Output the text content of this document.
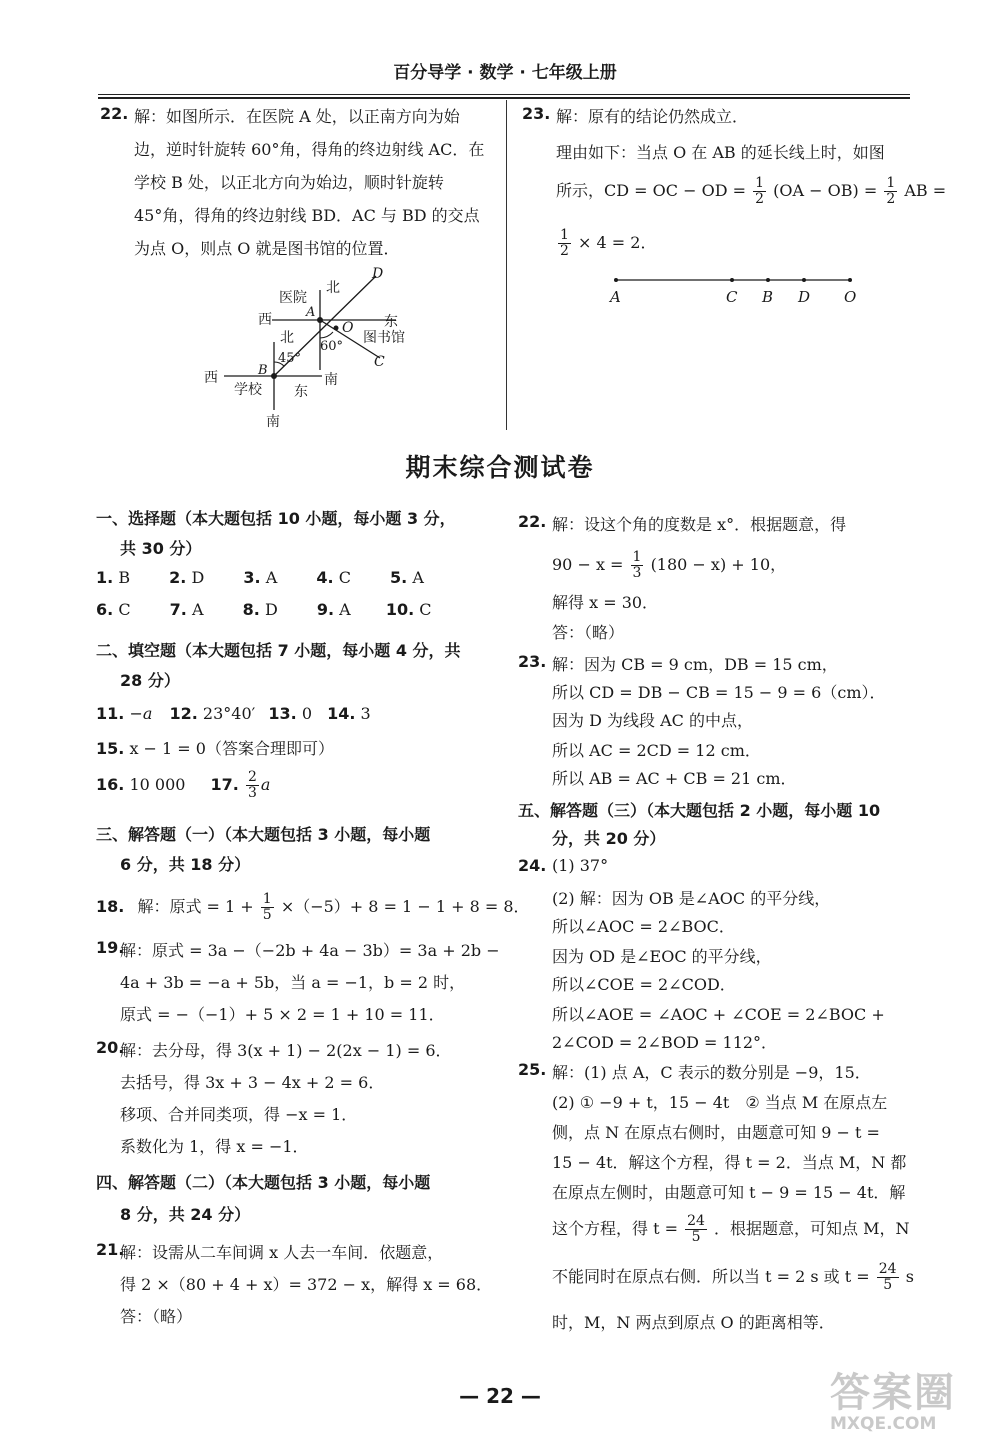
百分导学 · 数学 · 七年级上册
22. 解：如图所示．在医院 A 处，以正南方向为始
边，逆时针旋转 60°角，得角的终边射线 AC．在
学校 B 处，以正北方向为始边，顺时针旋转
45°角，得角的终边射线 BD．AC 与 BD 的交点
为点 O，则点 O 就是图书馆的位置．
医院
北
D
西	A
东
O
图书馆
北
60°
C
45°
B
南
西
学校 东
南
23. 解：原有的结论仍然成立．
理由如下：当点 O 在 AB 的延长线上时，如图
所示，CD = OC − OD = $\frac{1}{2} (OA - OB) = \frac{1}{2}$ AB =
$\frac{1}{2} \times 4 = 2$．
A	C B D O
期末综合测试卷
一、选择题（本大题包括 10 小题，每小题 3 分，
共 30 分）
1. B 2. D 3. A 4. C 5. A
6. C 7. A 8. D 9. A 10. C
二、填空题（本大题包括 7 小题，每小题 4 分，共
28 分）
11. −a 12. 23°40′ 13. 0 14. 3
15. x − 1 = 0（答案合理即可）
16. 10 000 17. $\frac{2}{3}$ a
三、解答题（一）（本大题包括 3 小题，每小题
6 分，共 18 分）
18. 解：原式 = $1 + \frac{1}{5} \times(-5)+ 8 = 1 - 1 + 8 = 8$．
19.
解：原式 = 3a −（−2b + 4a − 3b）= 3a + 2b −
4a + 3b = −a + 5b，当 a = −1，b = 2 时，
原式 = −（−1）+ 5 × 2 = 1 + 10 = 11．
20.
解：去分母，得 3(x + 1) − 2(2x − 1) = 6．
去括号，得 3x + 3 − 4x + 2 = 6．
移项、合并同类项，得 −x = 1．
系数化为 1，得 x = −1．
四、解答题（二）（本大题包括 3 小题，每小题
8 分，共 24 分）
21.
解：设需从二车间调 x 人去一车间．依题意，
得 2 ×（80 + 4 + x）= 372 − x，解得 x = 68．
答：（略）
22. 解：设这个角的度数是 x°．根据题意，得
$90 - x = \frac{1}{3} (180 - x) + 10$，
解得 x = 30．
答：（略）
23. 解：因为 CB = 9 cm，DB = 15 cm，
所以 CD = DB − CB = 15 − 9 = 6（cm）．
因为 D 为线段 AC 的中点，
所以 AC = 2CD = 12 cm．
所以 AB = AC + CB = 21 cm．
五、解答题（三）（本大题包括 2 小题，每小题 10
分，共 20 分）
24. (1) 37°
(2) 解：因为 OB 是∠AOC 的平分线，
所以∠AOC = 2∠BOC．
因为 OD 是∠EOC 的平分线，
所以∠COE = 2∠COD．
所以∠AOE = ∠AOC + ∠COE = 2∠BOC +
2∠COD = 2∠BOD = 112°．
25. 解：(1) 点 A，C 表示的数分别是 −9，15．
(2) ① −9 + t，15 − 4t　② 当点 M 在原点左
侧，点 N 在原点右侧时，由题意可知 9 − t =
15 − 4t．解这个方程，得 t = 2．当点 M，N 都
在原点左侧时，由题意可知 t − 9 = 15 − 4t．解
这个方程，得 $t = \frac{24}{5}$ ．根据题意，可知点 M，N
不能同时在原点右侧．所以当 t = 2 s 或 $t = \frac{24}{5}$ s
时，M，N 两点到原点 O 的距离相等．
— 22 —	答案圈
MXQE.COM
